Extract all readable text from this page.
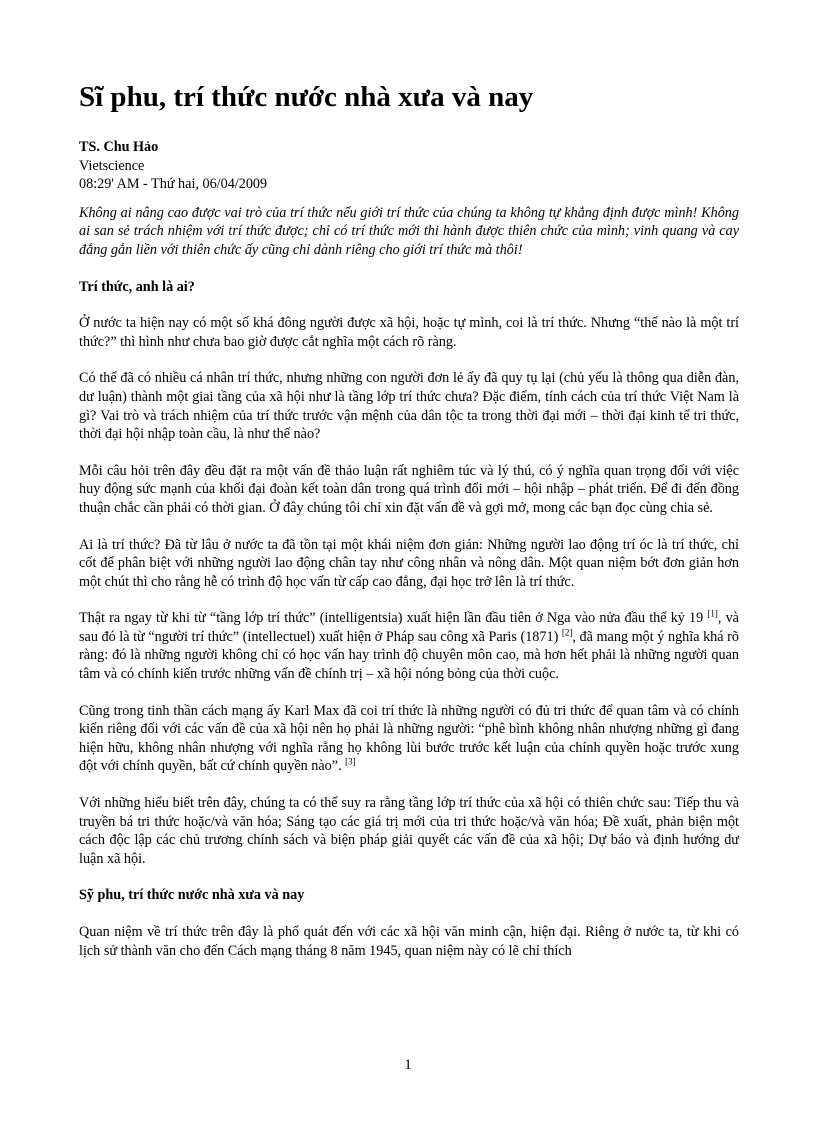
Sĩ phu, trí thức nước nhà xưa và nay
TS. Chu Hảo
Vietscience
08:29' AM - Thứ hai, 06/04/2009

Không ai nâng cao được vai trò của trí thức nếu giới trí thức của chúng ta không tự khẳng định được mình! Không ai san sẻ trách nhiệm với trí thức được; chỉ có trí thức mới thi hành được thiên chức của mình; vinh quang và cay đắng gắn liền với thiên chức ấy cũng chỉ dành riêng cho giới trí thức mà thôi!

Trí thức, anh là ai?

Ở nước ta hiện nay có một số khá đông người được xã hội, hoặc tự mình, coi là trí thức. Nhưng “thế nào là một trí thức?” thì hình như chưa bao giờ được cắt nghĩa một cách rõ ràng.

Có thể đã có nhiều cá nhân trí thức, nhưng những con người đơn lẻ ấy đã quy tụ lại (chủ yếu là thông qua diễn đàn, dư luận) thành một giai tầng của xã hội như là tầng lớp trí thức chưa? Đặc điểm, tính cách của trí thức Việt Nam là gì? Vai trò và trách nhiệm của trí thức trước vận mệnh của dân tộc ta trong thời đại mới – thời đại kinh tế tri thức, thời đại hội nhập toàn cầu, là như thế nào?

Mỗi câu hỏi trên đây đều đặt ra một vấn đề thảo luận rất nghiêm túc và lý thú, có ý nghĩa quan trọng đối với việc huy động sức mạnh của khối đại đoàn kết toàn dân trong quá trình đổi mới – hội nhập – phát triển. Để đi đến đồng thuận chắc cần phải có thời gian. Ở đây chúng tôi chỉ xin đặt vấn đề và gợi mở, mong các bạn đọc cùng chia sẻ.

Ai là trí thức? Đã từ lâu ở nước ta đã tồn tại một khái niệm đơn giản: Những người lao động trí óc là trí thức, chỉ cốt để phân biệt với những người lao động chân tay như công nhân và nông dân. Một quan niệm bớt đơn giản hơn một chút thì cho rằng hễ có trình độ học vấn từ cấp cao đẳng, đại học trở lên là trí thức.

Thật ra ngay từ khi từ “tầng lớp trí thức” (intelligentsia) xuất hiện lần đầu tiên ở Nga vào nửa đầu thế kỷ 19 [1], và sau đó là từ “người trí thức” (intellectuel) xuất hiện ở Pháp sau công xã Paris (1871) [2], đã mang một ý nghĩa khá rõ ràng: đó là những người không chỉ có học vấn hay trình độ chuyên môn cao, mà hơn hết phải là những người quan tâm và có chính kiến trước những vấn đề chính trị – xã hội nóng bỏng của thời cuộc.

Cũng trong tinh thần cách mạng ấy Karl Max đã coi trí thức là những người có đủ tri thức để quan tâm và có chính kiến riêng đối với các vấn đề của xã hội nên họ phải là những người: “phê bình không nhân nhượng những gì đang hiện hữu, không nhân nhượng với nghĩa rằng họ không lùi bước trước kết luận của chính quyền hoặc trước xung đột với chính quyền, bất cứ chính quyền nào”. [3]

Với những hiểu biết trên đây, chúng ta có thể suy ra rằng tầng lớp trí thức của xã hội có thiên chức sau: Tiếp thu và truyền bá tri thức hoặc/và văn hóa; Sáng tạo các giá trị mới của tri thức hoặc/và văn hóa; Đề xuất, phản biện một cách độc lập các chủ trương chính sách và biện pháp giải quyết các vấn đề của xã hội; Dự báo và định hướng dư luận xã hội.

Sỹ phu, trí thức nước nhà xưa và nay

Quan niệm về trí thức trên đây là phổ quát đến với các xã hội văn minh cận, hiện đại. Riêng ở nước ta, từ khi có lịch sử thành văn cho đến Cách mạng tháng 8 năm 1945, quan niệm này có lẽ chỉ thích

1
